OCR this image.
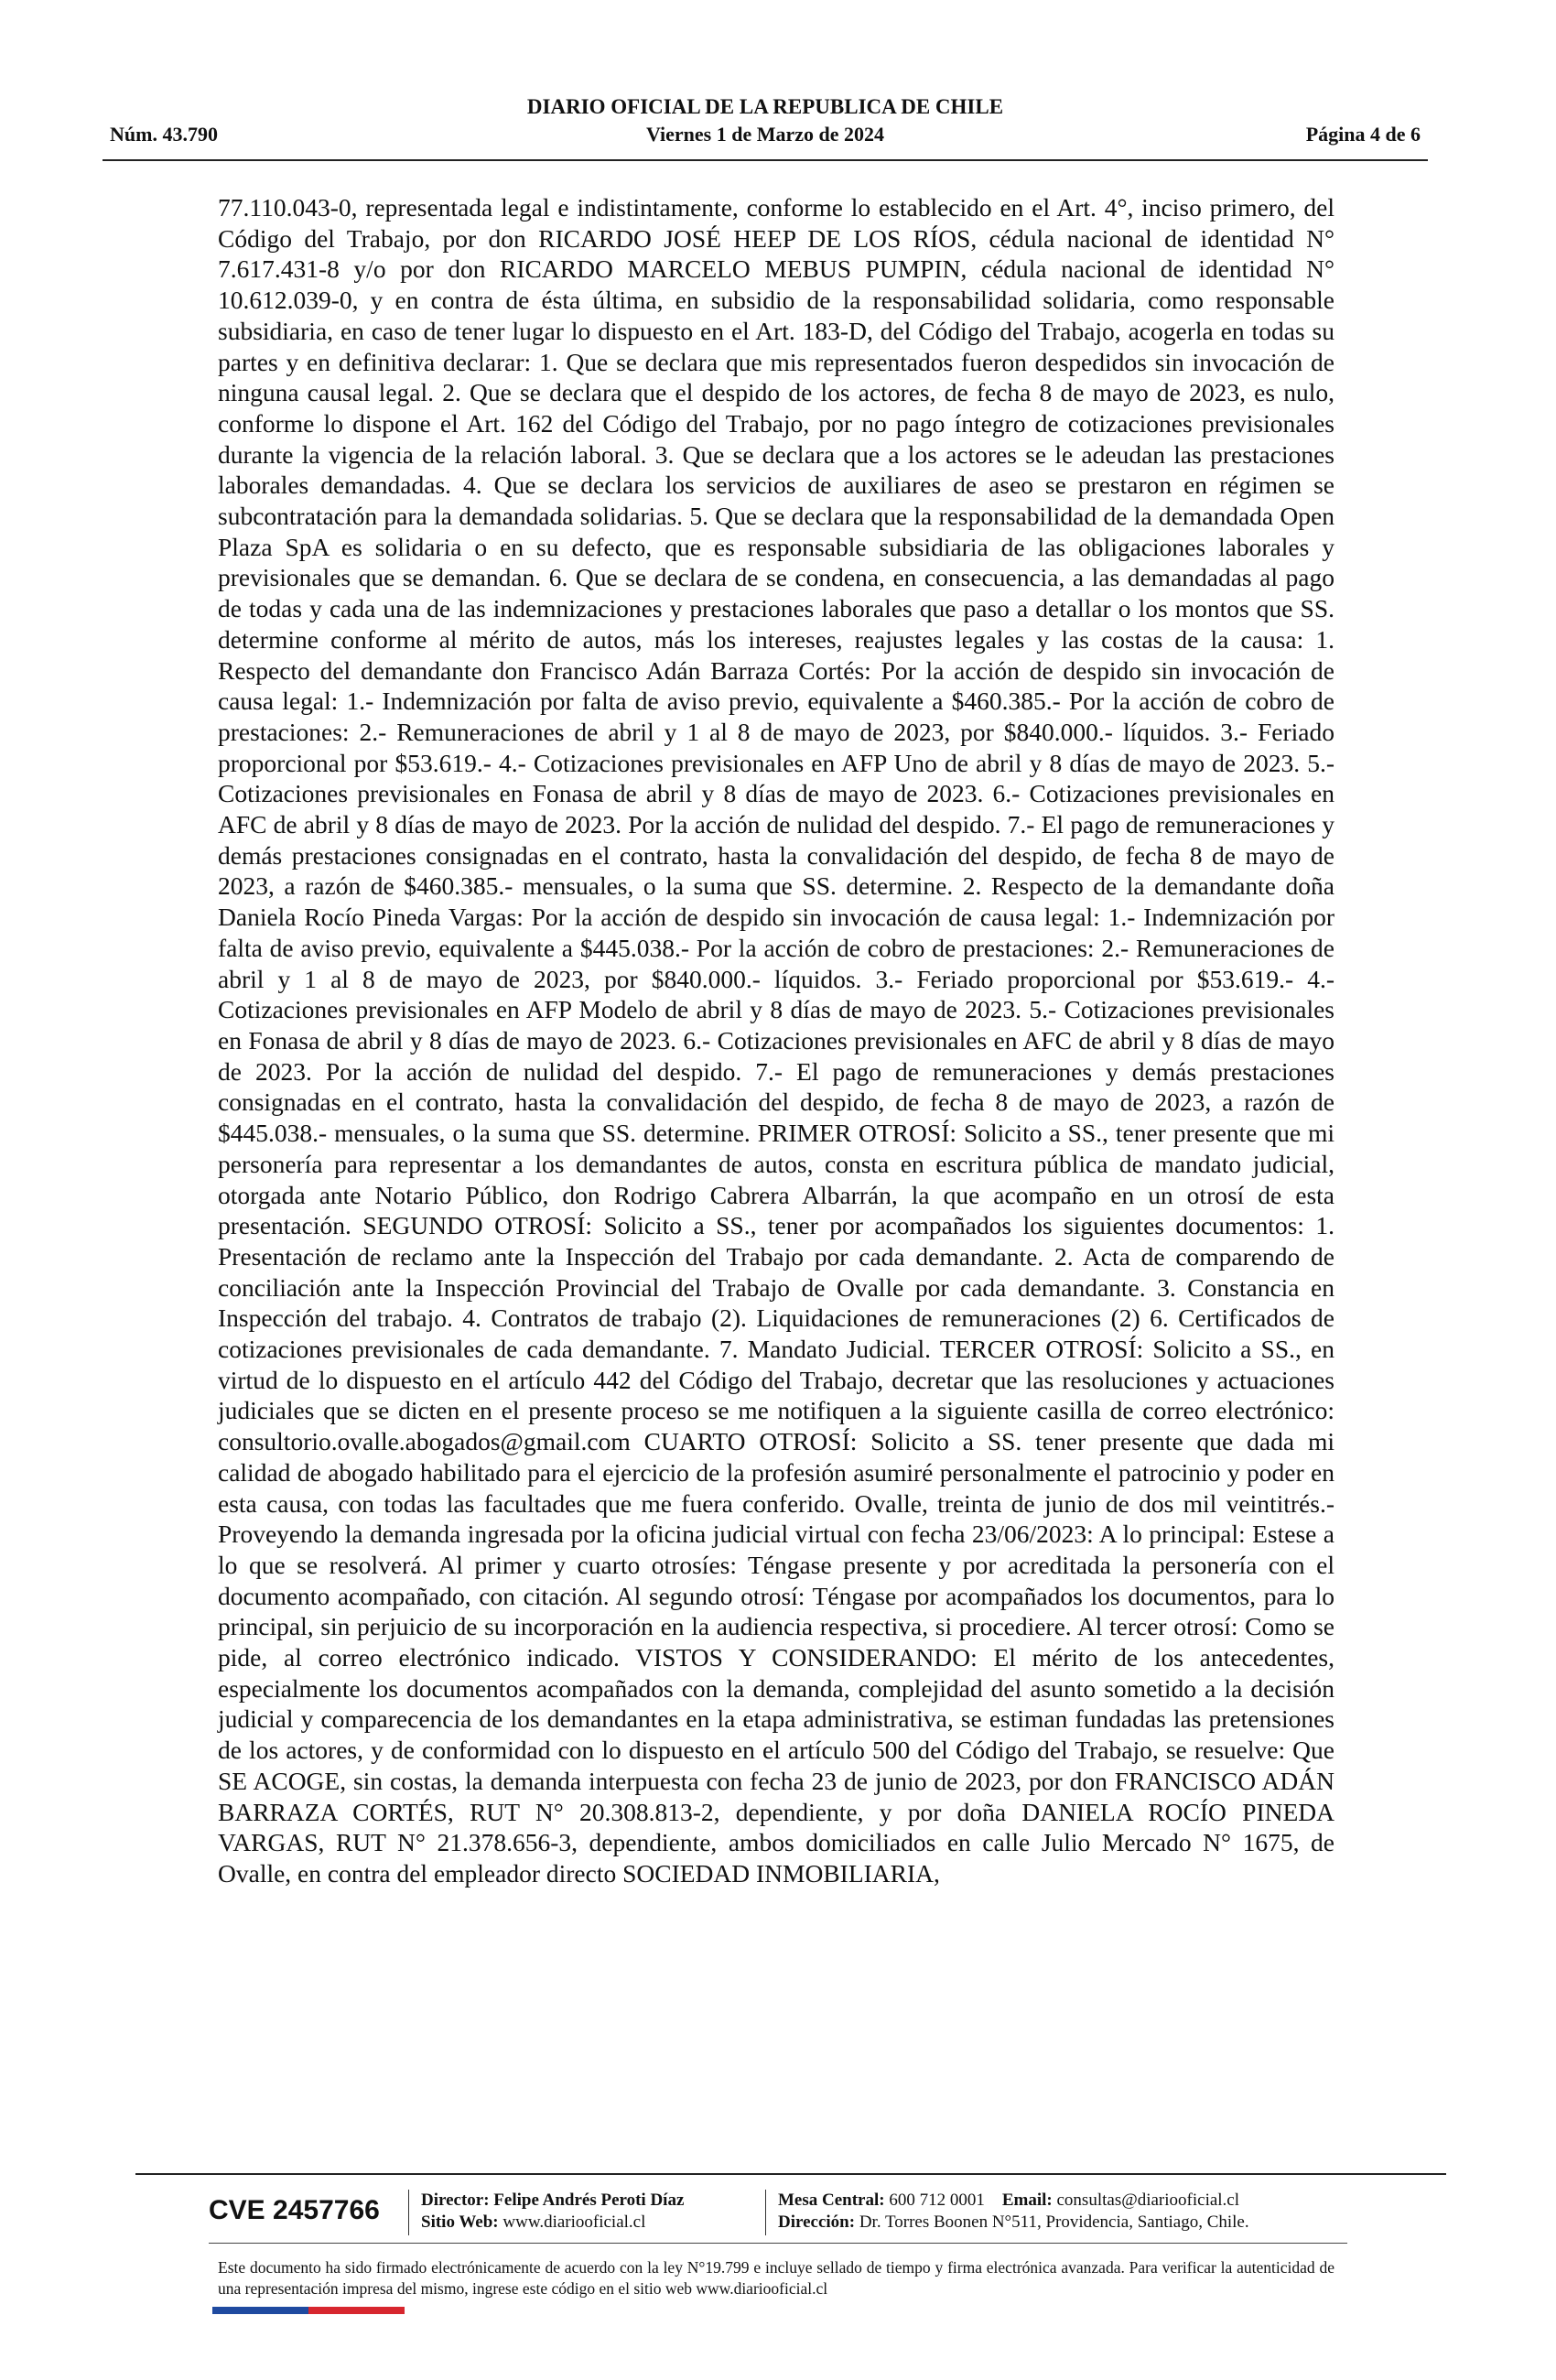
DIARIO OFICIAL DE LA REPUBLICA DE CHILE
Núm. 43.790	Viernes 1 de Marzo de 2024	Página 4 de 6
77.110.043-0, representada legal e indistintamente, conforme lo establecido en el Art. 4°, inciso primero, del Código del Trabajo, por don RICARDO JOSÉ HEEP DE LOS RÍOS, cédula nacional de identidad N° 7.617.431-8 y/o por don RICARDO MARCELO MEBUS PUMPIN, cédula nacional de identidad N° 10.612.039-0, y en contra de ésta última, en subsidio de la responsabilidad solidaria, como responsable subsidiaria, en caso de tener lugar lo dispuesto en el Art. 183-D, del Código del Trabajo, acogerla en todas su partes y en definitiva declarar: 1. Que se declara que mis representados fueron despedidos sin invocación de ninguna causal legal. 2. Que se declara que el despido de los actores, de fecha 8 de mayo de 2023, es nulo, conforme lo dispone el Art. 162 del Código del Trabajo, por no pago íntegro de cotizaciones previsionales durante la vigencia de la relación laboral. 3. Que se declara que a los actores se le adeudan las prestaciones laborales demandadas. 4. Que se declara los servicios de auxiliares de aseo se prestaron en régimen se subcontratación para la demandada solidarias. 5. Que se declara que la responsabilidad de la demandada Open Plaza SpA es solidaria o en su defecto, que es responsable subsidiaria de las obligaciones laborales y previsionales que se demandan. 6. Que se declara de se condena, en consecuencia, a las demandadas al pago de todas y cada una de las indemnizaciones y prestaciones laborales que paso a detallar o los montos que SS. determine conforme al mérito de autos, más los intereses, reajustes legales y las costas de la causa: 1. Respecto del demandante don Francisco Adán Barraza Cortés: Por la acción de despido sin invocación de causa legal: 1.- Indemnización por falta de aviso previo, equivalente a $460.385.- Por la acción de cobro de prestaciones: 2.- Remuneraciones de abril y 1 al 8 de mayo de 2023, por $840.000.- líquidos. 3.- Feriado proporcional por $53.619.- 4.- Cotizaciones previsionales en AFP Uno de abril y 8 días de mayo de 2023. 5.- Cotizaciones previsionales en Fonasa de abril y 8 días de mayo de 2023. 6.- Cotizaciones previsionales en AFC de abril y 8 días de mayo de 2023. Por la acción de nulidad del despido. 7.- El pago de remuneraciones y demás prestaciones consignadas en el contrato, hasta la convalidación del despido, de fecha 8 de mayo de 2023, a razón de $460.385.- mensuales, o la suma que SS. determine. 2. Respecto de la demandante doña Daniela Rocío Pineda Vargas: Por la acción de despido sin invocación de causa legal: 1.- Indemnización por falta de aviso previo, equivalente a $445.038.- Por la acción de cobro de prestaciones: 2.- Remuneraciones de abril y 1 al 8 de mayo de 2023, por $840.000.- líquidos. 3.- Feriado proporcional por $53.619.- 4.- Cotizaciones previsionales en AFP Modelo de abril y 8 días de mayo de 2023. 5.- Cotizaciones previsionales en Fonasa de abril y 8 días de mayo de 2023. 6.- Cotizaciones previsionales en AFC de abril y 8 días de mayo de 2023. Por la acción de nulidad del despido. 7.- El pago de remuneraciones y demás prestaciones consignadas en el contrato, hasta la convalidación del despido, de fecha 8 de mayo de 2023, a razón de $445.038.- mensuales, o la suma que SS. determine. PRIMER OTROSÍ: Solicito a SS., tener presente que mi personería para representar a los demandantes de autos, consta en escritura pública de mandato judicial, otorgada ante Notario Público, don Rodrigo Cabrera Albarrán, la que acompaño en un otrosí de esta presentación. SEGUNDO OTROSÍ: Solicito a SS., tener por acompañados los siguientes documentos: 1. Presentación de reclamo ante la Inspección del Trabajo por cada demandante. 2. Acta de comparendo de conciliación ante la Inspección Provincial del Trabajo de Ovalle por cada demandante. 3. Constancia en Inspección del trabajo. 4. Contratos de trabajo (2). Liquidaciones de remuneraciones (2) 6. Certificados de cotizaciones previsionales de cada demandante. 7. Mandato Judicial. TERCER OTROSÍ: Solicito a SS., en virtud de lo dispuesto en el artículo 442 del Código del Trabajo, decretar que las resoluciones y actuaciones judiciales que se dicten en el presente proceso se me notifiquen a la siguiente casilla de correo electrónico: consultorio.ovalle.abogados@gmail.com CUARTO OTROSÍ: Solicito a SS. tener presente que dada mi calidad de abogado habilitado para el ejercicio de la profesión asumiré personalmente el patrocinio y poder en esta causa, con todas las facultades que me fuera conferido. Ovalle, treinta de junio de dos mil veintitrés.- Proveyendo la demanda ingresada por la oficina judicial virtual con fecha 23/06/2023: A lo principal: Estese a lo que se resolverá. Al primer y cuarto otrosíes: Téngase presente y por acreditada la personería con el documento acompañado, con citación. Al segundo otrosí: Téngase por acompañados los documentos, para lo principal, sin perjuicio de su incorporación en la audiencia respectiva, si procediere. Al tercer otrosí: Como se pide, al correo electrónico indicado. VISTOS Y CONSIDERANDO: El mérito de los antecedentes, especialmente los documentos acompañados con la demanda, complejidad del asunto sometido a la decisión judicial y comparecencia de los demandantes en la etapa administrativa, se estiman fundadas las pretensiones de los actores, y de conformidad con lo dispuesto en el artículo 500 del Código del Trabajo, se resuelve: Que SE ACOGE, sin costas, la demanda interpuesta con fecha 23 de junio de 2023, por don FRANCISCO ADÁN BARRAZA CORTÉS, RUT N° 20.308.813-2, dependiente, y por doña DANIELA ROCÍO PINEDA VARGAS, RUT N° 21.378.656-3, dependiente, ambos domiciliados en calle Julio Mercado N° 1675, de Ovalle, en contra del empleador directo SOCIEDAD INMOBILIARIA,
CVE 2457766 Director: Felipe Andrés Peroti Díaz
Sitio Web: www.diariooficial.cl
Mesa Central: 600 712 0001 Email: consultas@diariooficial.cl
Dirección: Dr. Torres Boonen N°511, Providencia, Santiago, Chile.
Este documento ha sido firmado electrónicamente de acuerdo con la ley N°19.799 e incluye sellado de tiempo y firma electrónica avanzada. Para verificar la autenticidad de una representación impresa del mismo, ingrese este código en el sitio web www.diariooficial.cl
